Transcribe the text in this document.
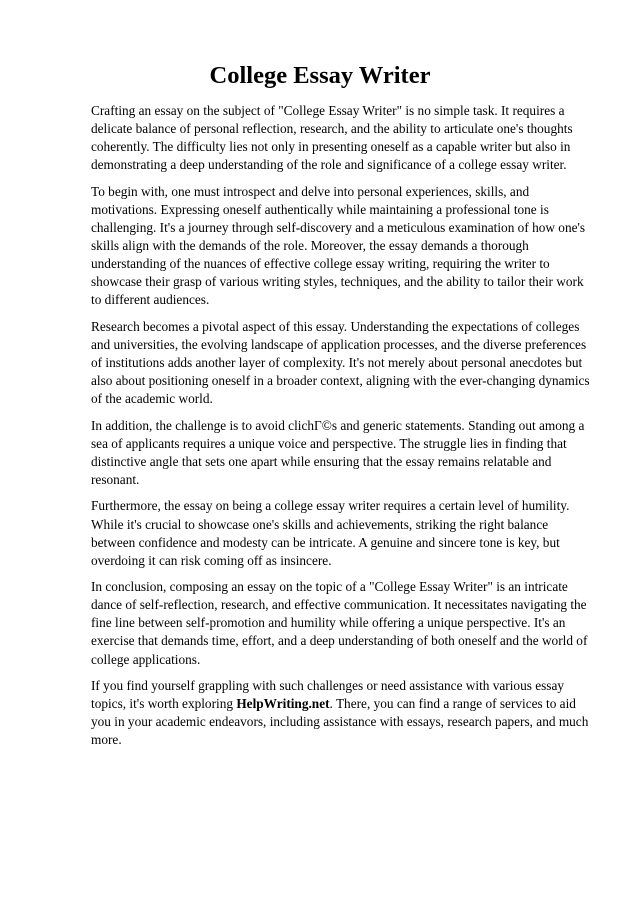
College Essay Writer

Crafting an essay on the subject of "College Essay Writer" is no simple task. It requires a delicate balance of personal reflection, research, and the ability to articulate one's thoughts coherently. The difficulty lies not only in presenting oneself as a capable writer but also in demonstrating a deep understanding of the role and significance of a college essay writer.

To begin with, one must introspect and delve into personal experiences, skills, and motivations. Expressing oneself authentically while maintaining a professional tone is challenging. It's a journey through self-discovery and a meticulous examination of how one's skills align with the demands of the role. Moreover, the essay demands a thorough understanding of the nuances of effective college essay writing, requiring the writer to showcase their grasp of various writing styles, techniques, and the ability to tailor their work to different audiences.

Research becomes a pivotal aspect of this essay. Understanding the expectations of colleges and universities, the evolving landscape of application processes, and the diverse preferences of institutions adds another layer of complexity. It's not merely about personal anecdotes but also about positioning oneself in a broader context, aligning with the ever-changing dynamics of the academic world.

In addition, the challenge is to avoid clichГ©s and generic statements. Standing out among a sea of applicants requires a unique voice and perspective. The struggle lies in finding that distinctive angle that sets one apart while ensuring that the essay remains relatable and resonant.

Furthermore, the essay on being a college essay writer requires a certain level of humility. While it's crucial to showcase one's skills and achievements, striking the right balance between confidence and modesty can be intricate. A genuine and sincere tone is key, but overdoing it can risk coming off as insincere.

In conclusion, composing an essay on the topic of a "College Essay Writer" is an intricate dance of self-reflection, research, and effective communication. It necessitates navigating the fine line between self-promotion and humility while offering a unique perspective. It's an exercise that demands time, effort, and a deep understanding of both oneself and the world of college applications.

If you find yourself grappling with such challenges or need assistance with various essay topics, it's worth exploring HelpWriting.net. There, you can find a range of services to aid you in your academic endeavors, including assistance with essays, research papers, and much more.
